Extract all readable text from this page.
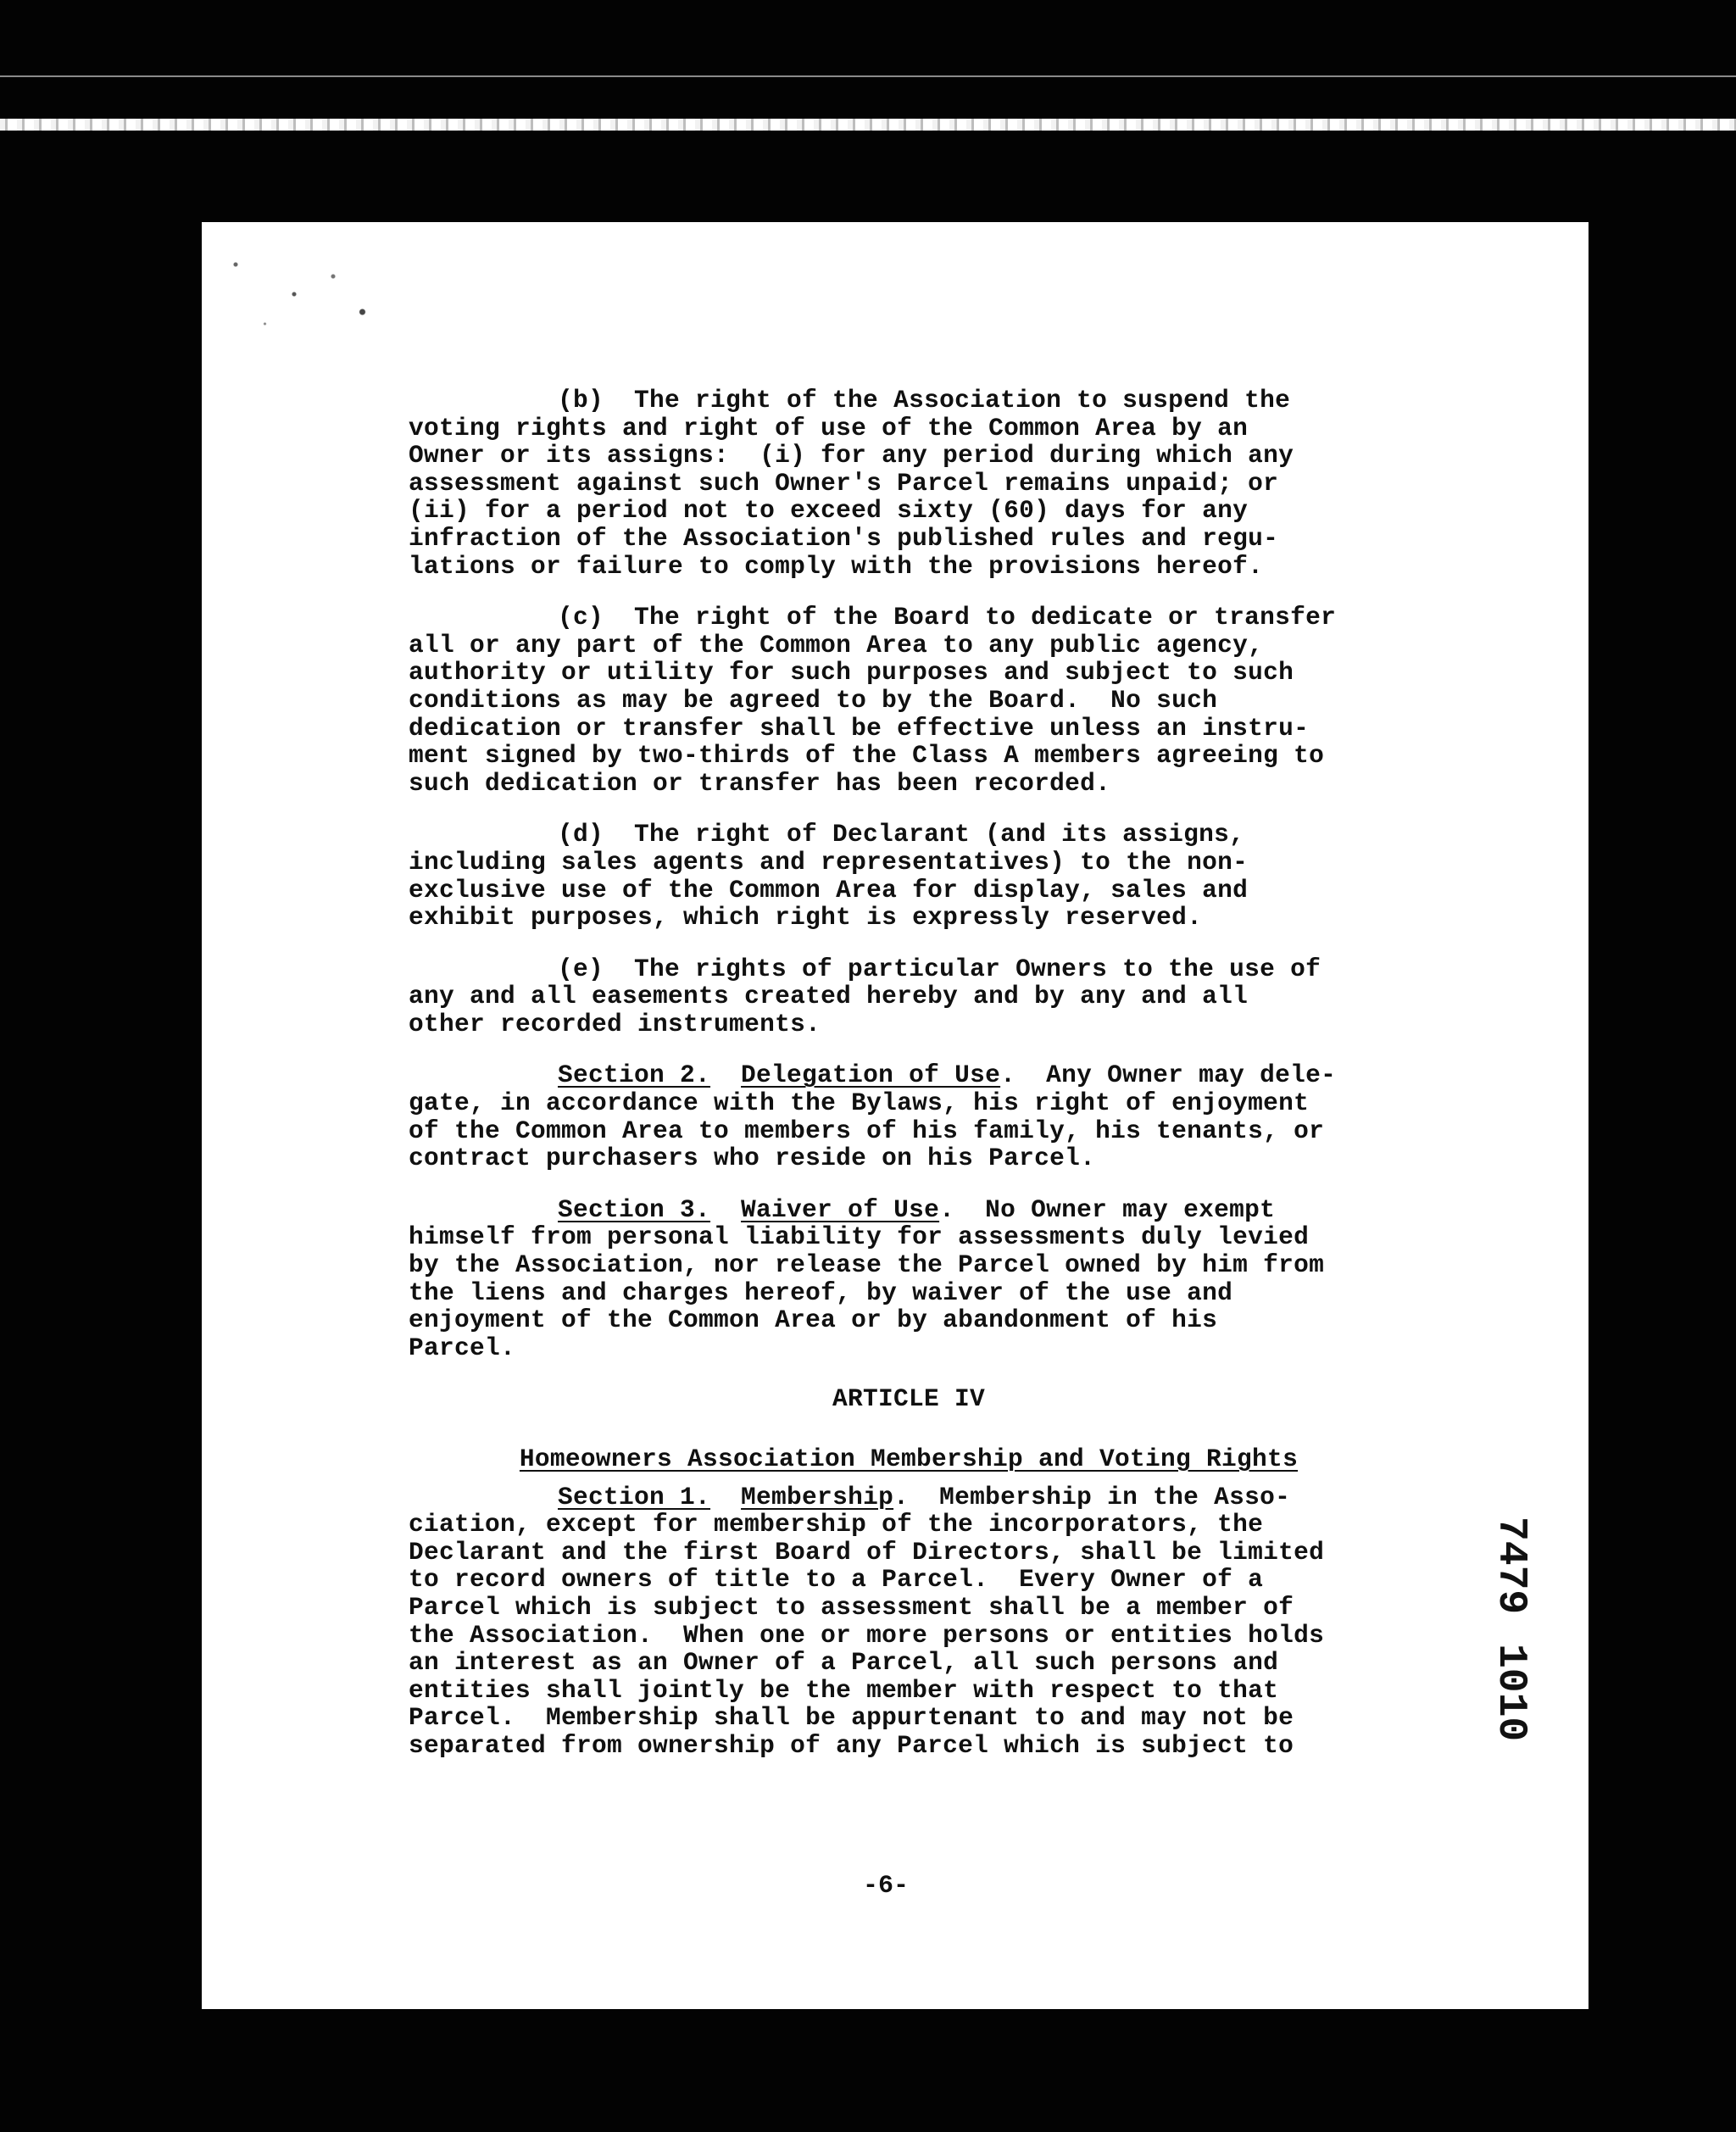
(b)  The right of the Association to suspend the
voting rights and right of use of the Common Area by an
Owner or its assigns:  (i) for any period during which any
assessment against such Owner's Parcel remains unpaid; or
(ii) for a period not to exceed sixty (60) days for any
infraction of the Association's published rules and regu-
lations or failure to comply with the provisions hereof.
(c)  The right of the Board to dedicate or transfer
all or any part of the Common Area to any public agency,
authority or utility for such purposes and subject to such
conditions as may be agreed to by the Board.  No such
dedication or transfer shall be effective unless an instru-
ment signed by two-thirds of the Class A members agreeing to
such dedication or transfer has been recorded.
(d)  The right of Declarant (and its assigns,
including sales agents and representatives) to the non-
exclusive use of the Common Area for display, sales and
exhibit purposes, which right is expressly reserved.
(e)  The rights of particular Owners to the use of
any and all easements created hereby and by any and all
other recorded instruments.
Section 2. Delegation of Use.  Any Owner may dele-
gate, in accordance with the Bylaws, his right of enjoyment
of the Common Area to members of his family, his tenants, or
contract purchasers who reside on his Parcel.
Section 3. Waiver of Use.  No Owner may exempt
himself from personal liability for assessments duly levied
by the Association, nor release the Parcel owned by him from
the liens and charges hereof, by waiver of the use and
enjoyment of the Common Area or by abandonment of his
Parcel.
ARTICLE IV
Homeowners Association Membership and Voting Rights
Section 1. Membership.  Membership in the Asso-
ciation, except for membership of the incorporators, the
Declarant and the first Board of Directors, shall be limited
to record owners of title to a Parcel.  Every Owner of a
Parcel which is subject to assessment shall be a member of
the Association.  When one or more persons or entities holds
an interest as an Owner of a Parcel, all such persons and
entities shall jointly be the member with respect to that
Parcel.  Membership shall be appurtenant to and may not be
separated from ownership of any Parcel which is subject to
-6-
7479
1010
